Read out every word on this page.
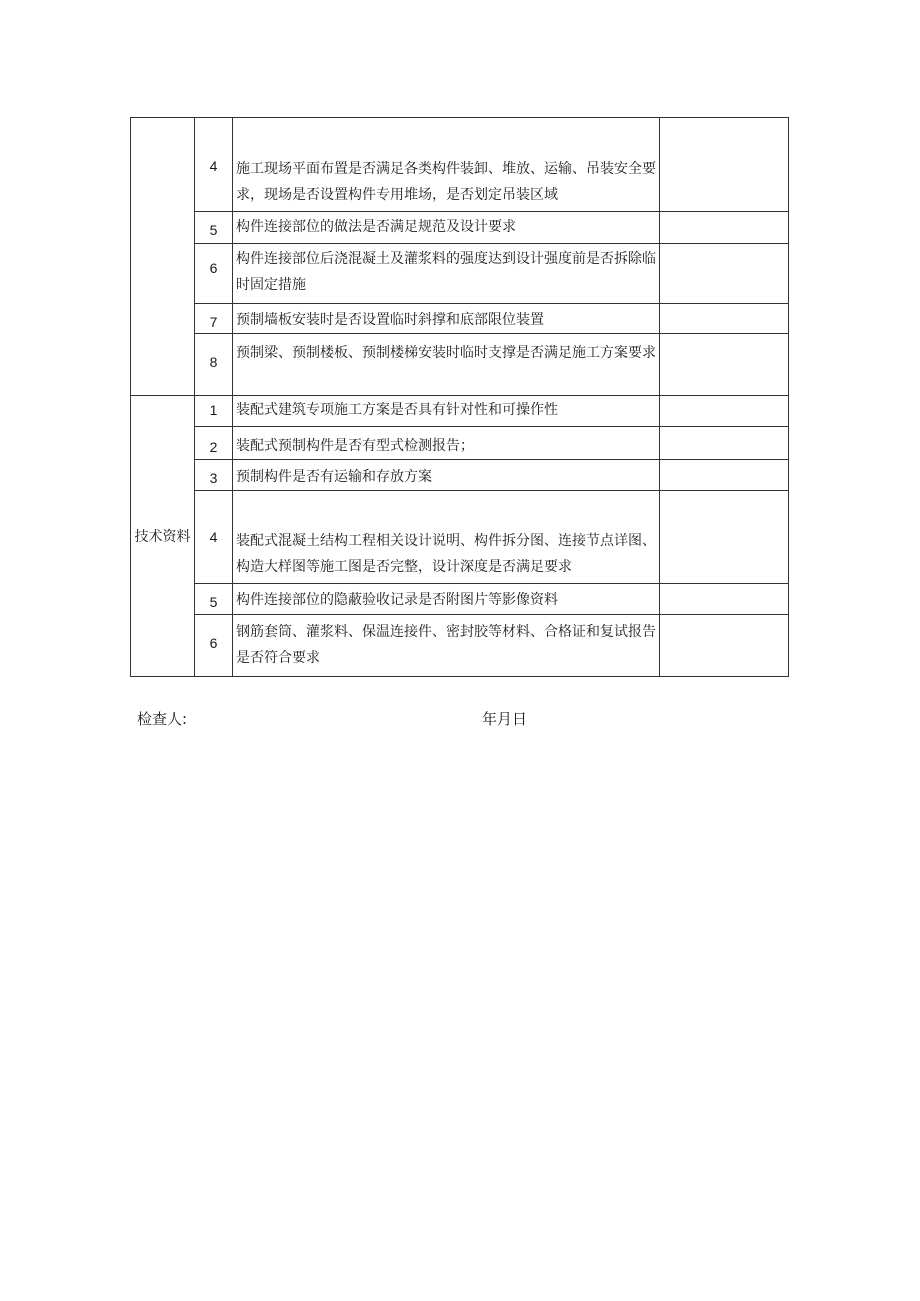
	4	施工现场平面布置是否满足各类构件装卸、堆放、运输、吊装安全要求，现场是否设置构件专用堆场，是否划定吊装区域	
	5	构件连接部位的做法是否满足规范及设计要求	
	6	构件连接部位后浇混凝土及灌浆料的强度达到设计强度前是否拆除临时固定措施	
	7	预制墙板安装时是否设置临时斜撑和底部限位装置	
	8	预制梁、预制楼板、预制楼梯安装时临时支撑是否满足施工方案要求	
技术资料	1	装配式建筑专项施工方案是否具有针对性和可操作性	
	2	装配式预制构件是否有型式检测报告；	
	3	预制构件是否有运输和存放方案	
	4	装配式混凝土结构工程相关设计说明、构件拆分图、连接节点详图、构造大样图等施工图是否完整，设计深度是否满足要求	
	5	构件连接部位的隐蔽验收记录是否附图片等影像资料	
	6	钢筋套筒、灌浆料、保温连接件、密封胶等材料、合格证和复试报告是否符合要求	
检查人:	年月日
